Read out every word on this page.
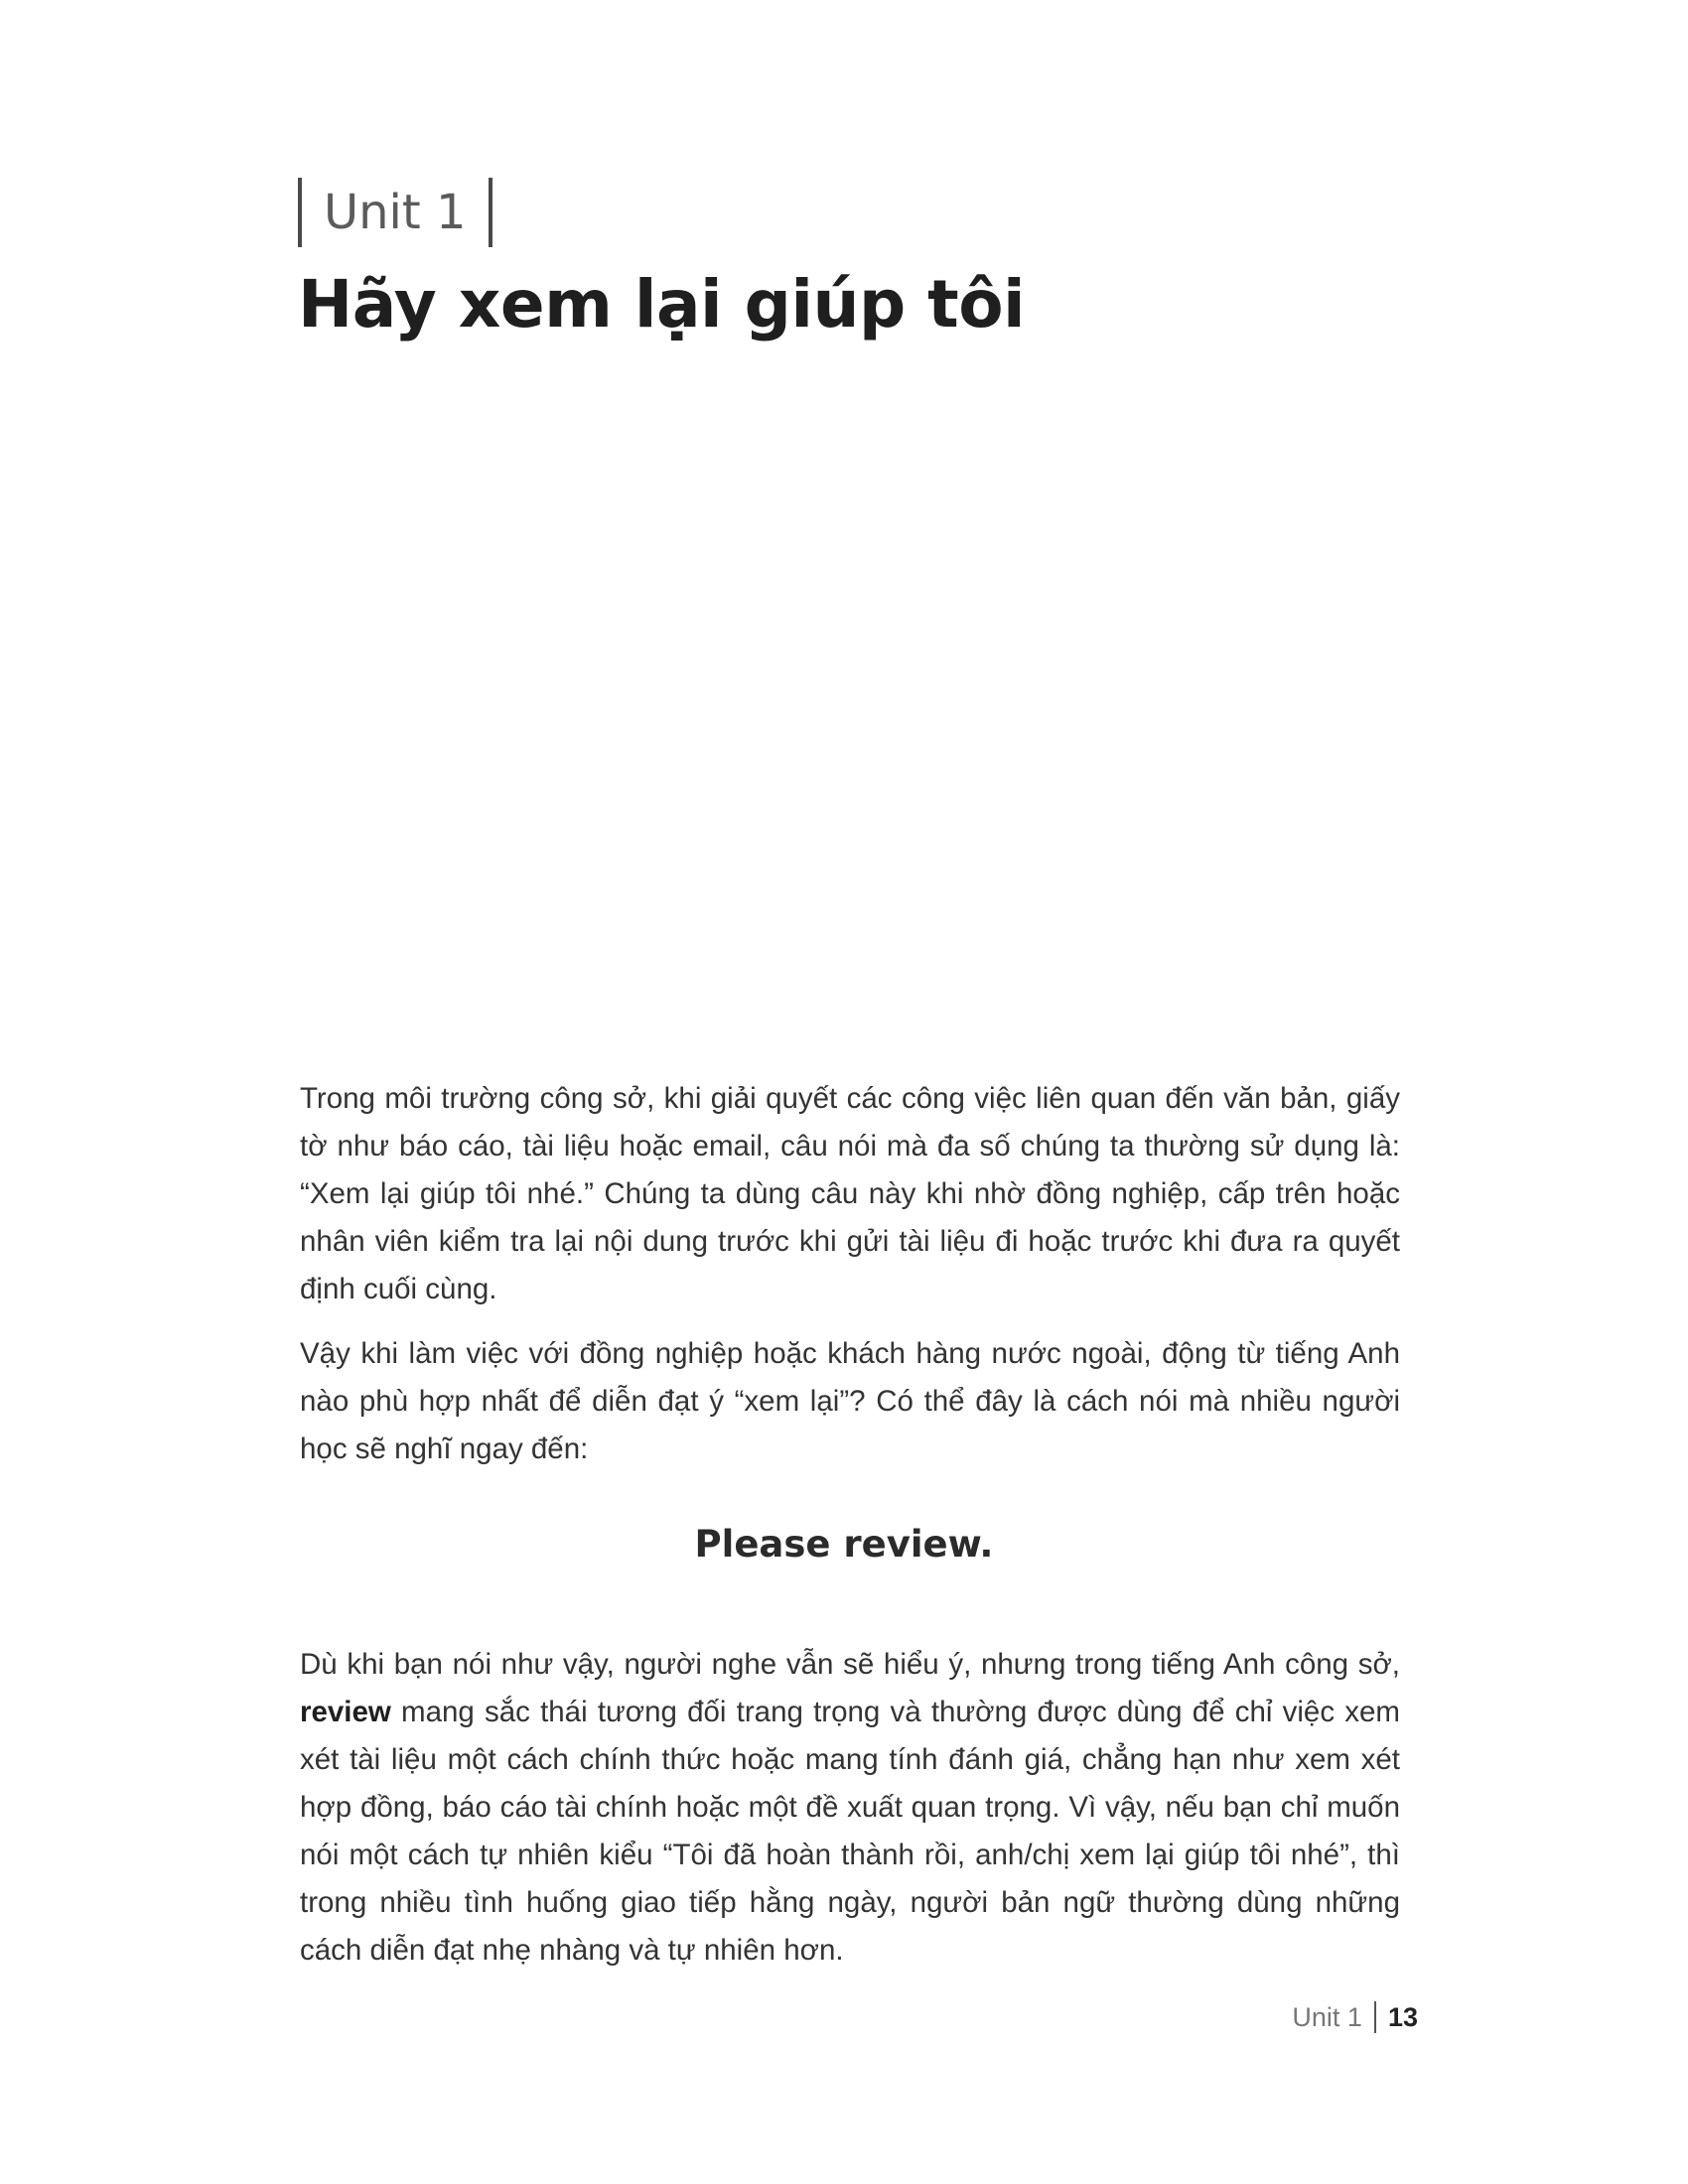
Unit 1
Hãy xem lại giúp tôi

Trong môi trường công sở, khi giải quyết các công việc liên quan đến văn bản, giấy tờ như báo cáo, tài liệu hoặc email, câu nói mà đa số chúng ta thường sử dụng là: “Xem lại giúp tôi nhé.” Chúng ta dùng câu này khi nhờ đồng nghiệp, cấp trên hoặc nhân viên kiểm tra lại nội dung trước khi gửi tài liệu đi hoặc trước khi đưa ra quyết định cuối cùng.

Vậy khi làm việc với đồng nghiệp hoặc khách hàng nước ngoài, động từ tiếng Anh nào phù hợp nhất để diễn đạt ý “xem lại”? Có thể đây là cách nói mà nhiều người học sẽ nghĩ ngay đến:

Please review.

Dù khi bạn nói như vậy, người nghe vẫn sẽ hiểu ý, nhưng trong tiếng Anh công sở, review mang sắc thái tương đối trang trọng và thường được dùng để chỉ việc xem xét tài liệu một cách chính thức hoặc mang tính đánh giá, chẳng hạn như xem xét hợp đồng, báo cáo tài chính hoặc một đề xuất quan trọng. Vì vậy, nếu bạn chỉ muốn nói một cách tự nhiên kiểu “Tôi đã hoàn thành rồi, anh/chị xem lại giúp tôi nhé”, thì trong nhiều tình huống giao tiếp hằng ngày, người bản ngữ thường dùng những cách diễn đạt nhẹ nhàng và tự nhiên hơn.

Unit 1 13
